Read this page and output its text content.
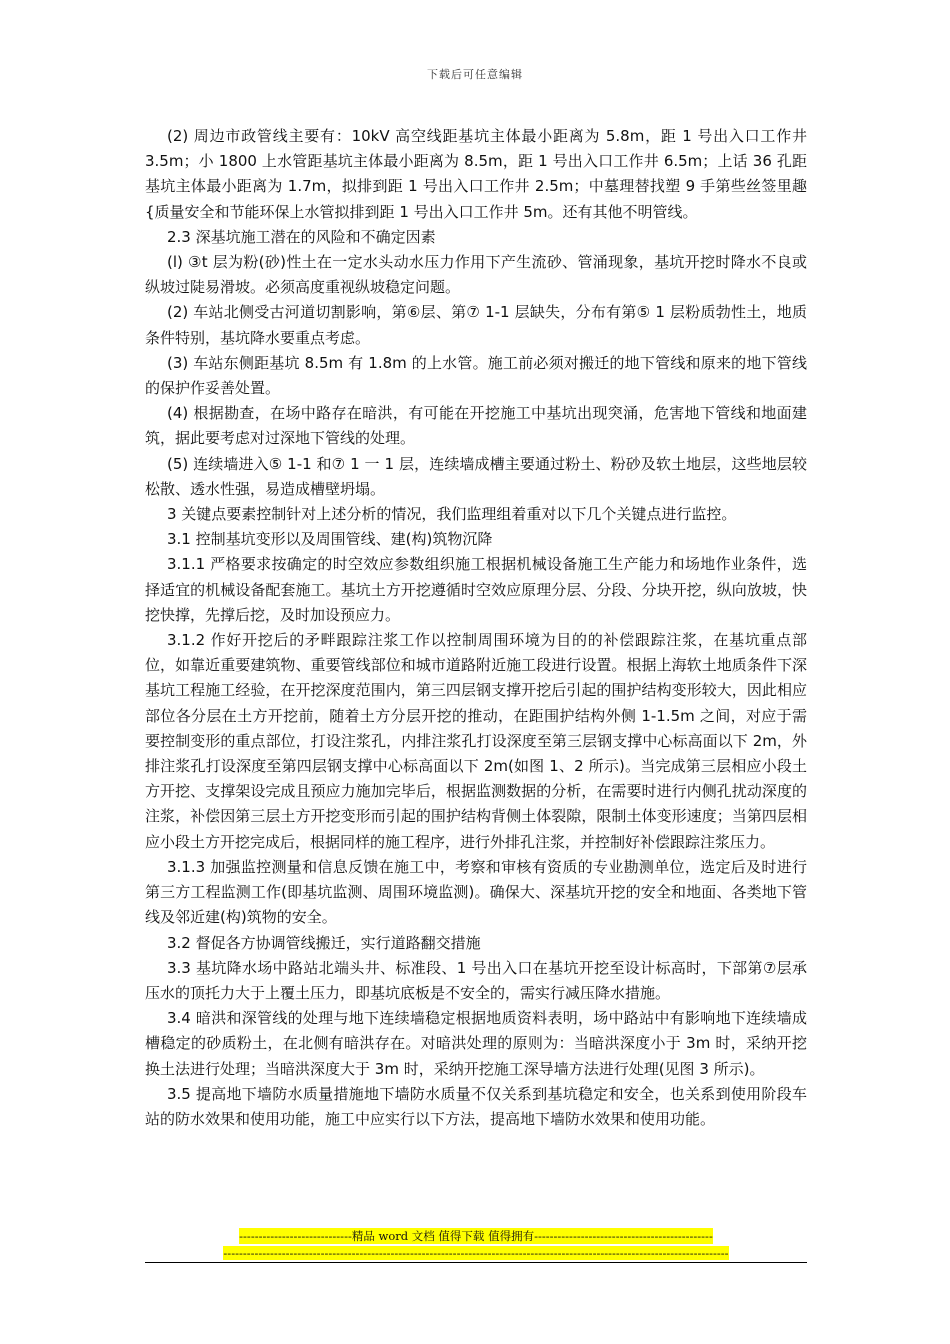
下载后可任意编辑

(2) 周边市政管线主要有：10kV 高空线距基坑主体最小距离为 5.8m，距 1 号出入口工作井 3.5m；小 1800 上水管距基坑主体最小距离为 8.5m，距 1 号出入口工作井 6.5m；上话 36 孔距基坑主体最小距离为 1.7m，拟排到距 1 号出入口工作井 2.5m；中墓理替找塑 9 手第些丝签里趣{质量安全和节能环保上水管拟排到距 1 号出入口工作井 5m。还有其他不明管线。

2.3 深基坑施工潜在的风险和不确定因素

(l) ③t 层为粉(砂)性土在一定水头动水压力作用下产生流砂、管涌现象，基坑开挖时降水不良或纵坡过陡易滑坡。必须高度重视纵坡稳定问题。

(2) 车站北侧受古河道切割影响，第⑥层、第⑦ 1-1 层缺失，分布有第⑤ 1 层粉质勃性土，地质条件特别，基坑降水要重点考虑。

(3) 车站东侧距基坑 8.5m 有 1.8m 的上水管。施工前必须对搬迁的地下管线和原来的地下管线的保护作妥善处置。

(4) 根据勘查，在场中路存在暗洪，有可能在开挖施工中基坑出现突涌，危害地下管线和地面建筑，据此要考虑对过深地下管线的处理。

(5) 连续墙进入⑤ 1-1 和⑦ 1 一 1 层，连续墙成槽主要通过粉土、粉砂及软土地层，这些地层较松散、透水性强，易造成槽壁坍塌。

3 关键点要素控制针对上述分析的情况，我们监理组着重对以下几个关键点进行监控。

3.1 控制基坑变形以及周围管线、建(构)筑物沉降

3.1.1 严格要求按确定的时空效应参数组织施工根据机械设备施工生产能力和场地作业条件，选择适宜的机械设备配套施工。基坑土方开挖遵循时空效应原理分层、分段、分块开挖，纵向放坡，快挖快撑，先撑后挖，及时加设预应力。

3.1.2 作好开挖后的矛畔跟踪注浆工作以控制周围环境为目的的补偿跟踪注浆，在基坑重点部位，如靠近重要建筑物、重要管线部位和城市道路附近施工段进行设置。根据上海软土地质条件下深基坑工程施工经验，在开挖深度范围内，第三四层钢支撑开挖后引起的围护结构变形较大，因此相应部位各分层在土方开挖前，随着土方分层开挖的推动，在距围护结构外侧 1-1.5m 之间，对应于需要控制变形的重点部位，打设注浆孔，内排注浆孔打设深度至第三层钢支撑中心标高面以下 2m，外排注浆孔打设深度至第四层钢支撑中心标高面以下 2m(如图 1、2 所示)。当完成第三层相应小段土方开挖、支撑架设完成且预应力施加完毕后，根据监测数据的分析，在需要时进行内侧孔扰动深度的注浆，补偿因第三层土方开挖变形而引起的围护结构背侧土体裂隙，限制土体变形速度；当第四层相应小段土方开挖完成后，根据同样的施工程序，进行外排孔注浆，并控制好补偿跟踪注浆压力。

3.1.3 加强监控测量和信息反馈在施工中，考察和审核有资质的专业勘测单位，选定后及时进行第三方工程监测工作(即基坑监测、周围环境监测)。确保大、深基坑开挖的安全和地面、各类地下管线及邻近建(构)筑物的安全。

3.2 督促各方协调管线搬迁，实行道路翻交措施

3.3 基坑降水场中路站北端头井、标准段、1 号出入口在基坑开挖至设计标高时，下部第⑦层承压水的顶托力大于上覆土压力，即基坑底板是不安全的，需实行减压降水措施。

3.4 暗洪和深管线的处理与地下连续墙稳定根据地质资料表明，场中路站中有影响地下连续墙成槽稳定的砂质粉土，在北侧有暗洪存在。对暗洪处理的原则为：当暗洪深度小于 3m 时，采纳开挖换土法进行处理；当暗洪深度大于 3m 时，采纳开挖施工深导墙方法进行处理(见图 3 所示)。

3.5 提高地下墙防水质量措施地下墙防水质量不仅关系到基坑稳定和安全，也关系到使用阶段车站的防水效果和使用功能，施工中应实行以下方法，提高地下墙防水效果和使用功能。

-----------------------------精品 word 文档 值得下载 值得拥有----------------------------------------------
----------------------------------------------------------------------------------------------------------------------------------
